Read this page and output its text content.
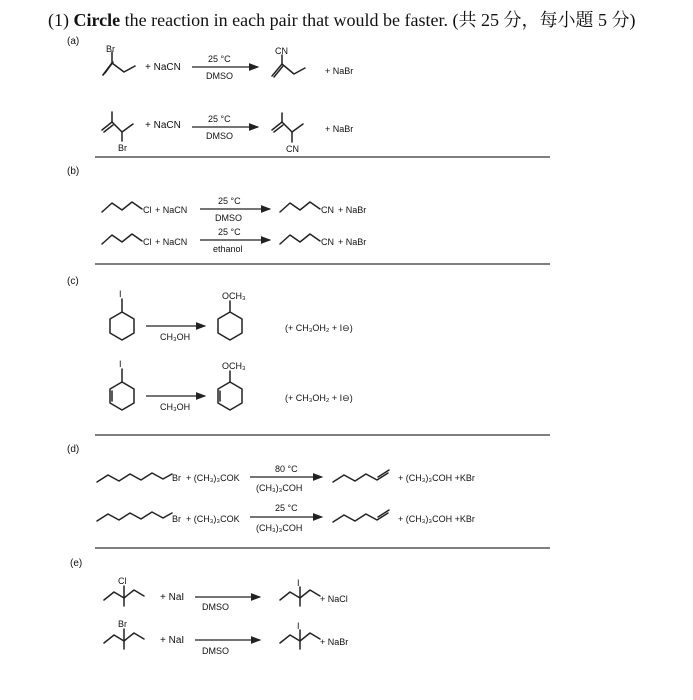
(1) Circle the reaction in each pair that would be faster. (共 25 分，每小題 5 分)
(a)
Br
+ NaCN
25 °C
DMSO
CN
+ NaBr
Br
+ NaCN
25 °C
DMSO
CN
+ NaBr
(b)
Cl + NaCN
25 °C
DMSO
CN + NaBr
Cl + NaCN
25 °C
ethanol
CN + NaBr
(c)
I
CH₃OH
OCH₃
(+ CH₃OH₂ + I⊖)
I
CH₃OH
OCH₃
(+ CH₃OH₂ + I⊖)
(d)
Br + (CH₃)₃COK
80 °C
(CH₃)₃COH
+ (CH₃)₃COH +KBr
Br + (CH₃)₃COK
25 °C
(CH₃)₃COH
+ (CH₃)₃COH +KBr
(e)
Cl
+ NaI
DMSO
I
+ NaCl
Br
+ NaI
DMSO
I
+ NaBr
